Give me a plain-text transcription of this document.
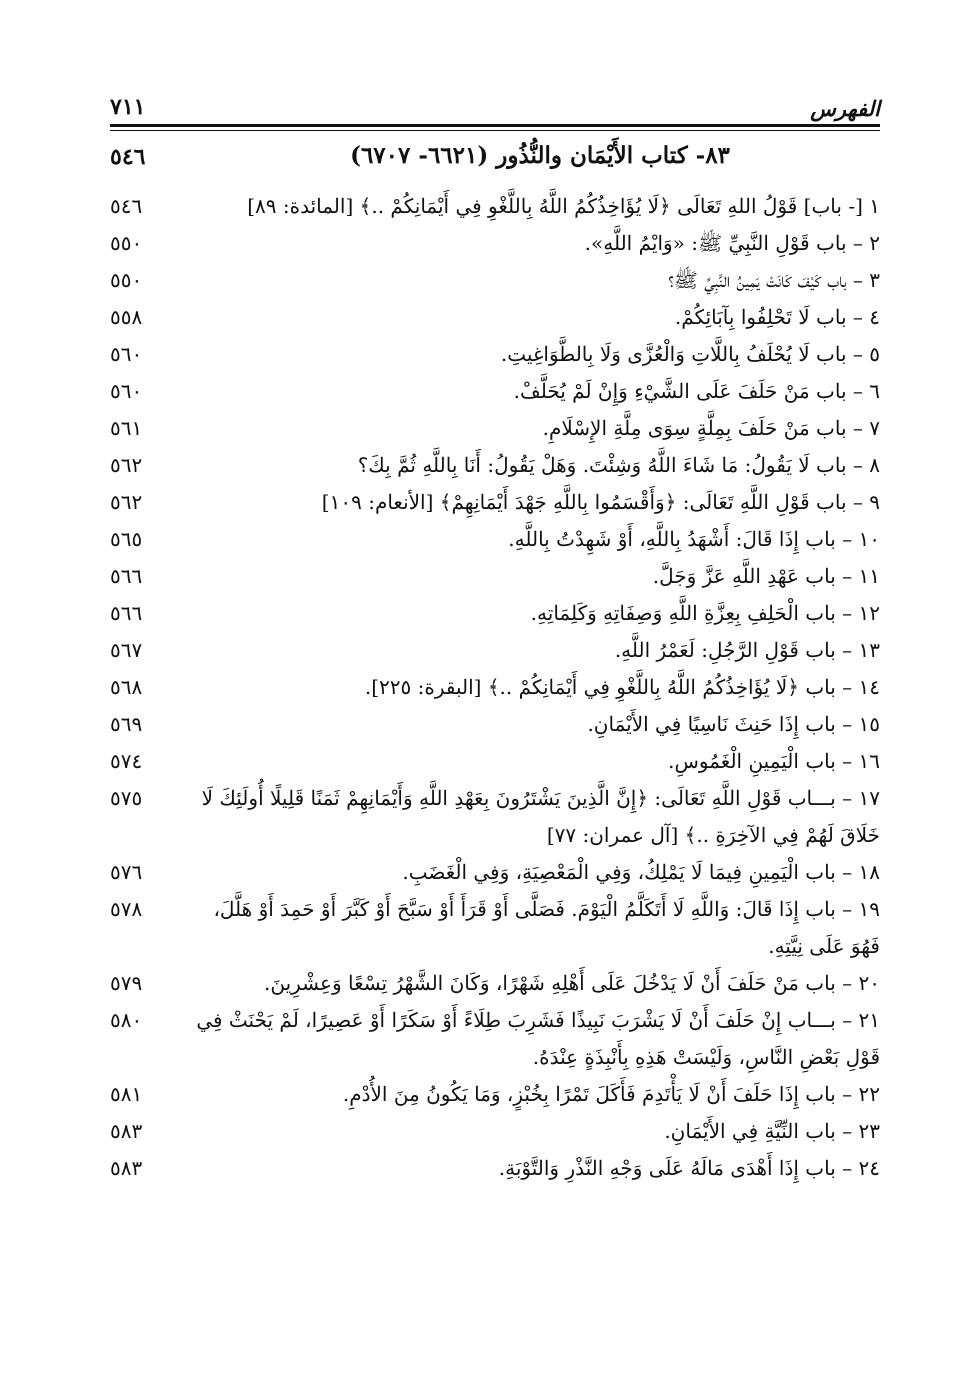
الفهرس
٧١١
٨٣- كتاب الأَيْمَان والنُّذُور (٦٦٢١- ٦٧٠٧)
٥٤٦
١ [- باب] قَوْلُ اللهِ تَعَالَى ﴿لَا يُؤَاخِذُكُمُ اللَّهُ بِاللَّغْوِ فِي أَيْمَانِكُمْ ..﴾ [المائدة: ٨٩]
٥٤٦
٢ – باب قَوْلِ النَّبِيِّ ﷺ: «وَايْمُ اللَّهِ».
٥٥٠
٣ – باب كَيْفَ كَانَتْ يَمِينُ النَّبِيِّ ﷺ؟
٥٥٠
٤ – باب لَا تَحْلِفُوا بِآبَائِكُمْ.
٥٥٨
٥ – باب لَا يُحْلَفُ بِاللَّاتِ وَالْعُزَّى وَلَا بِالطَّوَاغِيتِ.
٥٦٠
٦ – باب مَنْ حَلَفَ عَلَى الشَّيْءِ وَإِنْ لَمْ يُحَلَّفْ.
٥٦٠
٧ – باب مَنْ حَلَفَ بِمِلَّةٍ سِوَى مِلَّةِ الإِسْلَامِ.
٥٦١
٨ – باب لَا يَقُولُ: مَا شَاءَ اللَّهُ وَشِئْتَ. وَهَلْ يَقُولُ: أَنَا بِاللَّهِ ثُمَّ بِكَ؟
٥٦٢
٩ – باب قَوْلِ اللَّهِ تَعَالَى: ﴿وَأَقْسَمُوا بِاللَّهِ جَهْدَ أَيْمَانِهِمْ﴾ [الأنعام: ١٠٩]
٥٦٢
١٠ – باب إِذَا قَالَ: أَشْهَدُ بِاللَّهِ، أَوْ شَهِدْتُ بِاللَّهِ.
٥٦٥
١١ – باب عَهْدِ اللَّهِ عَزَّ وَجَلَّ.
٥٦٦
١٢ – باب الْحَلِفِ بِعِزَّةِ اللَّهِ وَصِفَاتِهِ وَكَلِمَاتِهِ.
٥٦٦
١٣ – باب قَوْلِ الرَّجُلِ: لَعَمْرُ اللَّهِ.
٥٦٧
١٤ – باب ﴿لَا يُؤَاخِذُكُمُ اللَّهُ بِاللَّغْوِ فِي أَيْمَانِكُمْ ..﴾ [البقرة: ٢٢٥].
٥٦٨
١٥ – باب إِذَا حَنِثَ نَاسِيًا فِي الأَيْمَانِ.
٥٦٩
١٦ – باب الْيَمِينِ الْغَمُوسِ.
٥٧٤
١٧ – بـــاب قَوْلِ اللَّهِ تَعَالَى: ﴿إِنَّ الَّذِينَ يَشْتَرُونَ بِعَهْدِ اللَّهِ وَأَيْمَانِهِمْ ثَمَنًا قَلِيلًا أُولَئِكَ لَا خَلَاقَ لَهُمْ فِي الآخِرَةِ ..﴾ [آل عمران: ٧٧]
٥٧٥
١٨ – باب الْيَمِينِ فِيمَا لَا يَمْلِكُ، وَفِي الْمَعْصِيَةِ، وَفِي الْغَضَبِ.
٥٧٦
١٩ – باب إِذَا قَالَ: وَاللَّهِ لَا أَتَكَلَّمُ الْيَوْمَ. فَصَلَّى أَوْ قَرَأَ أَوْ سَبَّحَ أَوْ كَبَّرَ أَوْ حَمِدَ أَوْ هَلَّلَ، فَهُوَ عَلَى نِيَّتِهِ.
٥٧٨
٢٠ – باب مَنْ حَلَفَ أَنْ لَا يَدْخُلَ عَلَى أَهْلِهِ شَهْرًا، وَكَانَ الشَّهْرُ تِسْعًا وَعِشْرِينَ.
٥٧٩
٢١ – بـــاب إِنْ حَلَفَ أَنْ لَا يَشْرَبَ نَبِيذًا فَشَرِبَ طِلَاءً أَوْ سَكَرًا أَوْ عَصِيرًا، لَمْ يَحْنَثْ فِي قَوْلِ بَعْضِ النَّاسِ، وَلَيْسَتْ هَذِهِ بِأَنْبِذَةٍ عِنْدَهُ.
٥٨٠
٢٢ – باب إِذَا حَلَفَ أَنْ لَا يَأْتَدِمَ فَأَكَلَ تَمْرًا بِخُبْزٍ، وَمَا يَكُونُ مِنَ الأُدْمِ.
٥٨١
٢٣ – باب النِّيَّةِ فِي الأَيْمَانِ.
٥٨٣
٢٤ – باب إِذَا أَهْدَى مَالَهُ عَلَى وَجْهِ النَّذْرِ وَالتَّوْبَةِ.
٥٨٣
